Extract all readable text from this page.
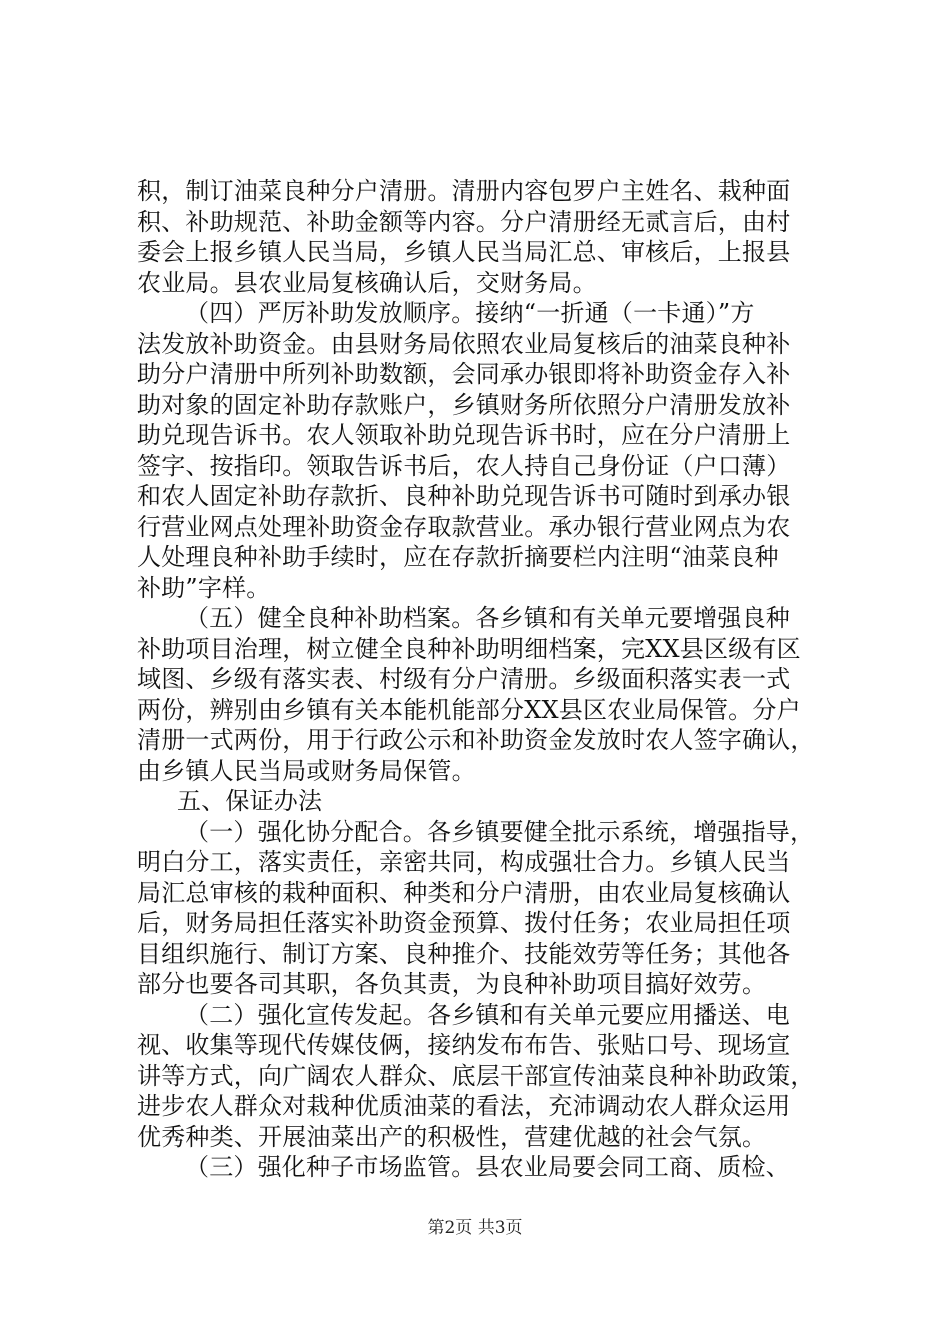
积，制订油菜良种分户清册。清册内容包罗户主姓名、栽种面
积、补助规范、补助金额等内容。分户清册经无贰言后，由村
委会上报乡镇人民当局，乡镇人民当局汇总、审核后，上报县
农业局。县农业局复核确认后，交财务局。
（四）严厉补助发放顺序。接纳“一折通（一卡通）”方
法发放补助资金。由县财务局依照农业局复核后的油菜良种补
助分户清册中所列补助数额，会同承办银即将补助资金存入补
助对象的固定补助存款账户，乡镇财务所依照分户清册发放补
助兑现告诉书。农人领取补助兑现告诉书时，应在分户清册上
签字、按指印。领取告诉书后，农人持自己身份证（户口薄）
和农人固定补助存款折、良种补助兑现告诉书可随时到承办银
行营业网点处理补助资金存取款营业。承办银行营业网点为农
人处理良种补助手续时，应在存款折摘要栏内注明“油菜良种
补助”字样。
（五）健全良种补助档案。各乡镇和有关单元要增强良种
补助项目治理，树立健全良种补助明细档案，完XX县区级有区
域图、乡级有落实表、村级有分户清册。乡级面积落实表一式
两份，辨别由乡镇有关本能机能部分XX县区农业局保管。分户
清册一式两份，用于行政公示和补助资金发放时农人签字确认，
由乡镇人民当局或财务局保管。
五、保证办法
（一）强化协分配合。各乡镇要健全批示系统，增强指导，
明白分工，落实责任，亲密共同，构成强壮合力。乡镇人民当
局汇总审核的栽种面积、种类和分户清册，由农业局复核确认
后，财务局担任落实补助资金预算、拨付任务；农业局担任项
目组织施行、制订方案、良种推介、技能效劳等任务；其他各
部分也要各司其职，各负其责，为良种补助项目搞好效劳。
（二）强化宣传发起。各乡镇和有关单元要应用播送、电
视、收集等现代传媒伎俩，接纳发布布告、张贴口号、现场宣
讲等方式，向广阔农人群众、底层干部宣传油菜良种补助政策，
进步农人群众对栽种优质油菜的看法，充沛调动农人群众运用
优秀种类、开展油菜出产的积极性，营建优越的社会气氛。
（三）强化种子市场监管。县农业局要会同工商、质检、
第2页 共3页
